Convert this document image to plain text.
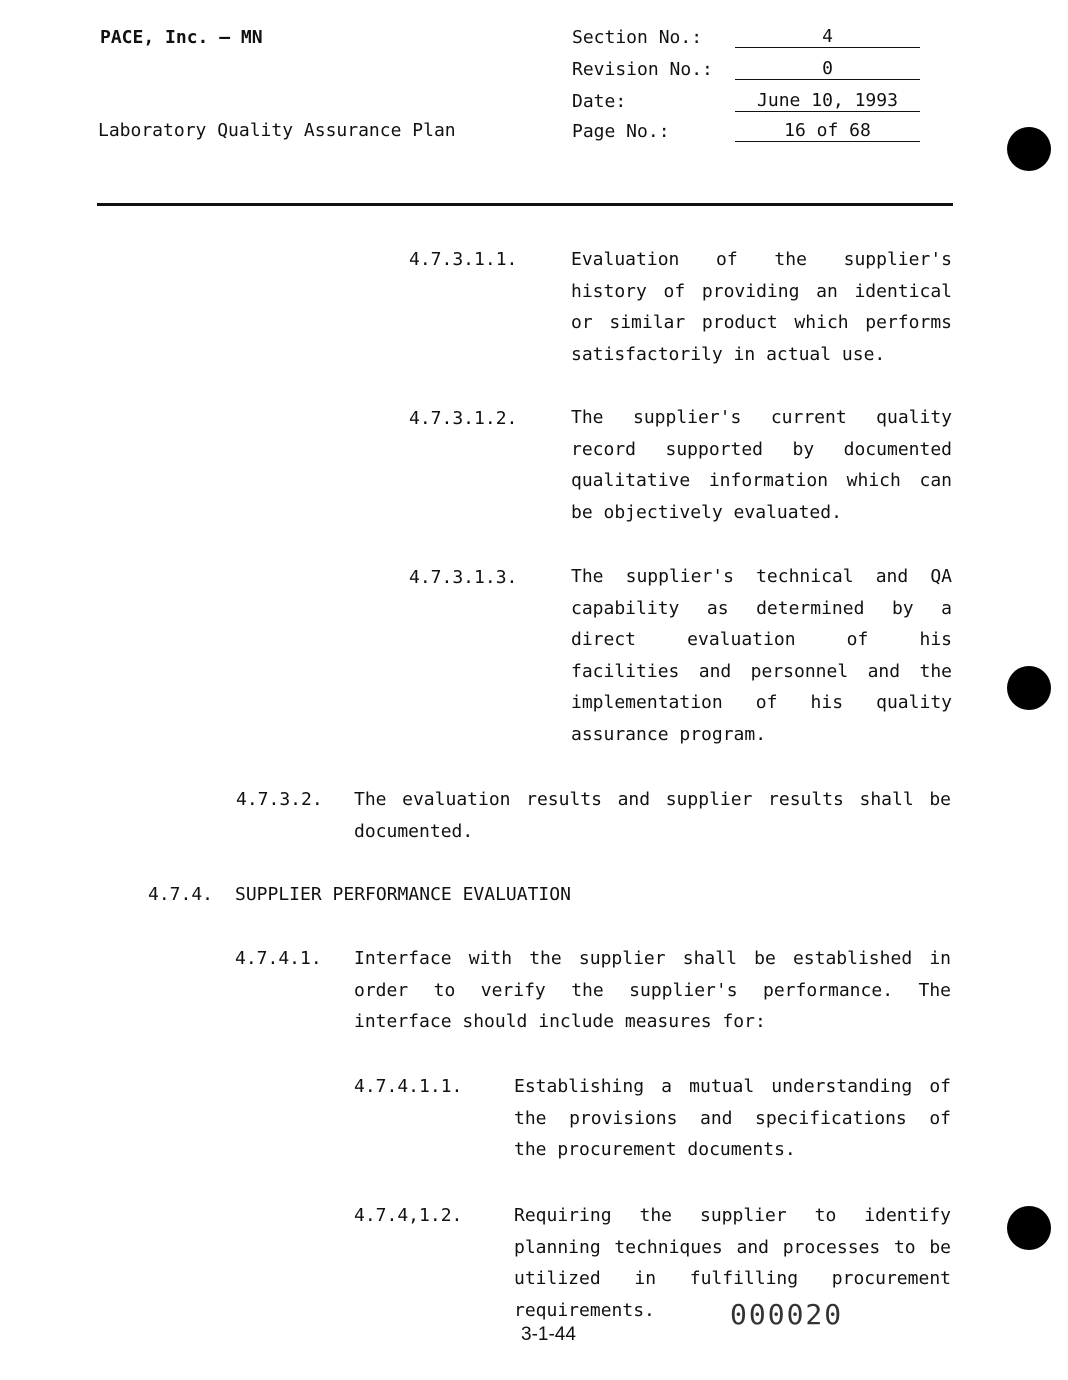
PACE, Inc. – MN
Laboratory Quality Assurance Plan
Section No.:	4
Revision No.:	0
Date:	June 10, 1993
Page No.:	16 of 68
4.7.3.1.1.	Evaluation of the supplier's
history of providing an identical
or similar product which performs
satisfactorily in actual use.
4.7.3.1.2.	The supplier's current quality
record supported by documented
qualitative information which can
be objectively evaluated.
4.7.3.1.3.	The supplier's technical and QA
capability as determined by a
direct evaluation of his
facilities and personnel and the
implementation of his quality
assurance program.
4.7.3.2. The evaluation results and supplier results shall be
documented.
4.7.4. SUPPLIER PERFORMANCE EVALUATION
4.7.4.1. Interface with the supplier shall be established in
order to verify the supplier's performance. The
interface should include measures for:
4.7.4.1.1.	Establishing a mutual understanding of
the provisions and specifications of
the procurement documents.
4.7.4,1.2.	Requiring the supplier to identify
planning techniques and processes to be
utilized in fulfilling procurement
requirements.	000020
3-1-44
